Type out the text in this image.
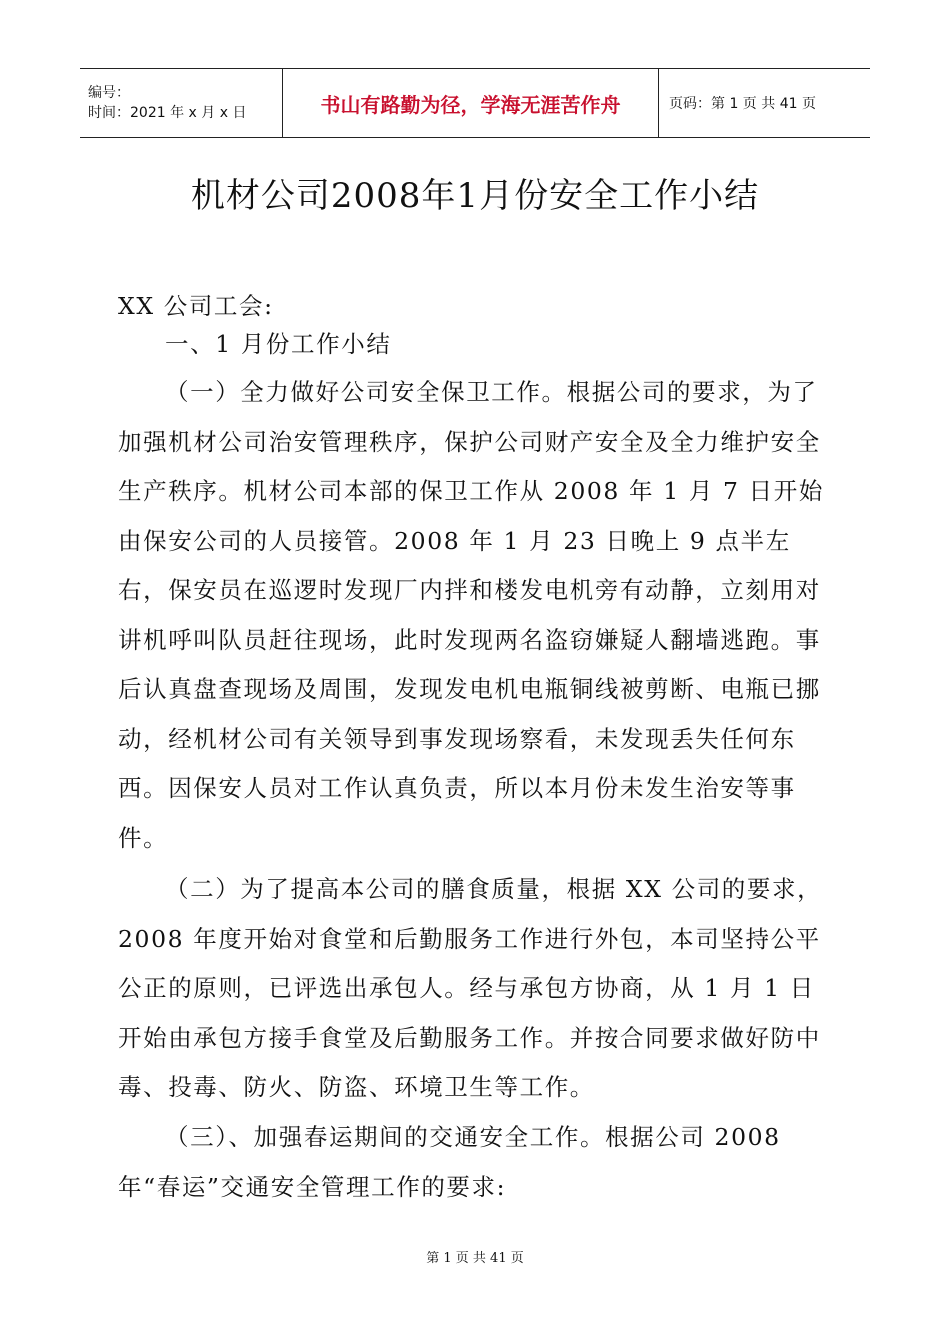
编号：
时间：2021 年 x 月 x 日	书山有路勤为径，学海无涯苦作舟	页码：第 1 页 共 41 页
机材公司2008年1月份安全工作小结
XX 公司工会:
一、1 月份工作小结
（一）全力做好公司安全保卫工作。根据公司的要求，为了加强机材公司治安管理秩序，保护公司财产安全及全力维护安全生产秩序。机材公司本部的保卫工作从 2008 年 1 月 7 日开始由保安公司的人员接管。2008 年 1 月 23 日晚上 9 点半左右，保安员在巡逻时发现厂内拌和楼发电机旁有动静，立刻用对讲机呼叫队员赶往现场，此时发现两名盗窃嫌疑人翻墙逃跑。事后认真盘查现场及周围，发现发电机电瓶铜线被剪断、电瓶已挪动，经机材公司有关领导到事发现场察看，未发现丢失任何东西。因保安人员对工作认真负责，所以本月份未发生治安等事件。
（二）为了提高本公司的膳食质量，根据 XX 公司的要求，2008 年度开始对食堂和后勤服务工作进行外包，本司坚持公平公正的原则，已评选出承包人。经与承包方协商，从 1 月 1 日开始由承包方接手食堂及后勤服务工作。并按合同要求做好防中毒、投毒、防火、防盗、环境卫生等工作。
（三）、加强春运期间的交通安全工作。根据公司 2008 年“春运”交通安全管理工作的要求:
第 1 页 共 41 页
